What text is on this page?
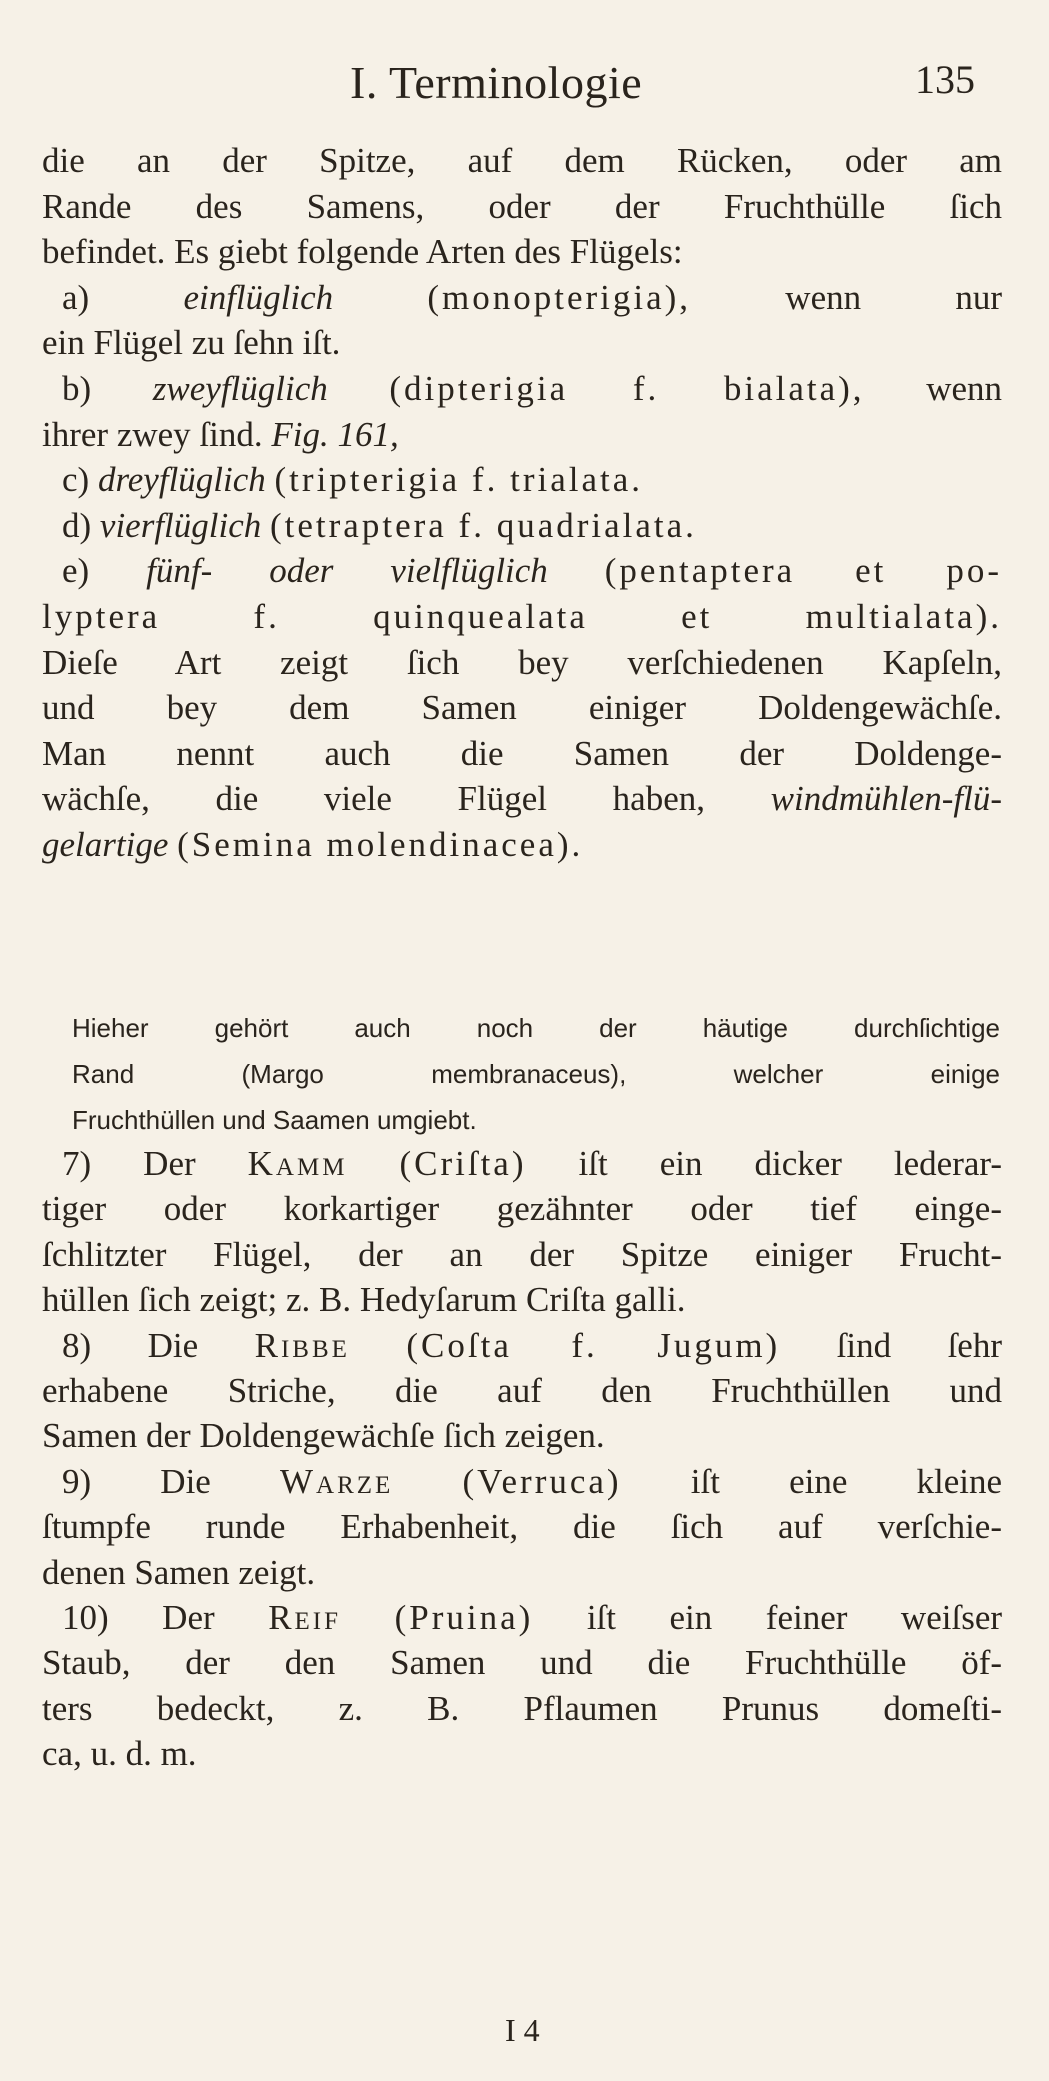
I. Terminologie	135
die an der Spitze, auf dem Rücken, oder am
Rande des Samens, oder der Fruchthülle ſich
befindet. Es giebt folgende Arten des Flügels:
a)	einflüglich	(monopterigia),	wenn nur
ein Flügel zu ſehn iſt.
b) zweyflüglich (dipterigia f. bialata), wenn
ihrer zwey ſind. Fig. 161,
c) dreyflüglich (tripterigia f. trialata.
d) vierflüglich (tetraptera f. quadrialata.
e) fünf- oder vielflüglich (pentaptera et po-
lyptera f. quinquealata et multialata).
Dieſe Art zeigt ſich bey verſchiedenen Kapſeln,
und bey dem Samen einiger Doldengewächſe.
Man nennt auch die Samen der Doldenge-
wächſe, die viele Flügel haben, windmühlen-flü-
gelartige (Semina molendinacea).
Hieher gehört auch noch der häutige durchſichtige
Rand (Margo membranaceus), welcher einige
Fruchthüllen und Saamen umgiebt.
7) Der Kamm (Criſta) iſt ein dicker lederar-
tiger oder korkartiger gezähnter oder tief einge-
ſchlitzter Flügel, der an der Spitze einiger Frucht-
hüllen ſich zeigt; z. B. Hedyſarum Criſta galli.
8) Die Ribbe (Coſta f. Jugum) ſind ſehr
erhabene Striche, die auf den Fruchthüllen und
Samen der Doldengewächſe ſich zeigen.
9) Die Warze (Verruca) iſt eine kleine
ſtumpfe runde Erhabenheit, die ſich auf verſchie-
denen Samen zeigt.
10) Der Reif (Pruina) iſt ein feiner weiſser
Staub, der den Samen und die Fruchthülle öf-
ters bedeckt, z. B. Pflaumen Prunus domeſti-
ca, u. d. m.
I 4
